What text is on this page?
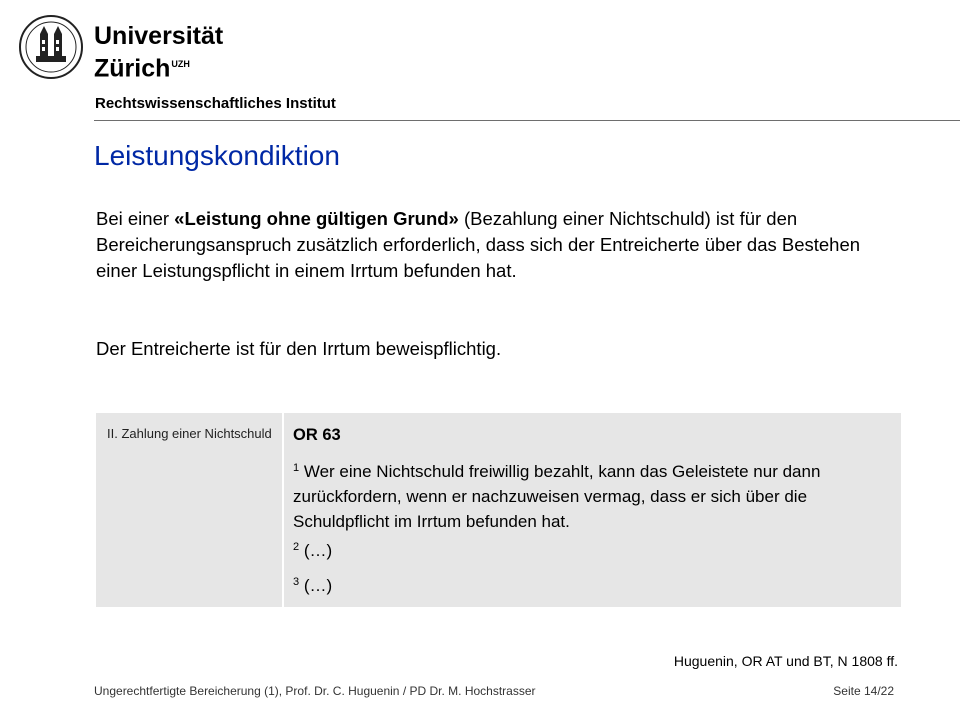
Universität
Zürich$^{UZH}$
Rechtswissenschaftliches Institut
Leistungskondiktion
Bei einer «Leistung ohne gültigen Grund» (Bezahlung einer Nichtschuld) ist für den Bereicherungsanspruch zusätzlich erforderlich, dass sich der Entreicherte über das Bestehen einer Leistungspflicht in einem Irrtum befunden hat.
Der Entreicherte ist für den Irrtum beweispflichtig.
II. Zahlung einer Nichtschuld OR 63
$^1$ Wer eine Nichtschuld freiwillig bezahlt, kann das Geleistete nur dann zurückfordern, wenn er nachzuweisen vermag, dass er sich über die Schuldpflicht im Irrtum befunden hat.
$^2$ (…)
$^3$ (…)
Huguenin, OR AT und BT, N 1808 ff.
Ungerechtfertigte Bereicherung (1), Prof. Dr. C. Huguenin / PD Dr. M. Hochstrasser	Seite 14/22
